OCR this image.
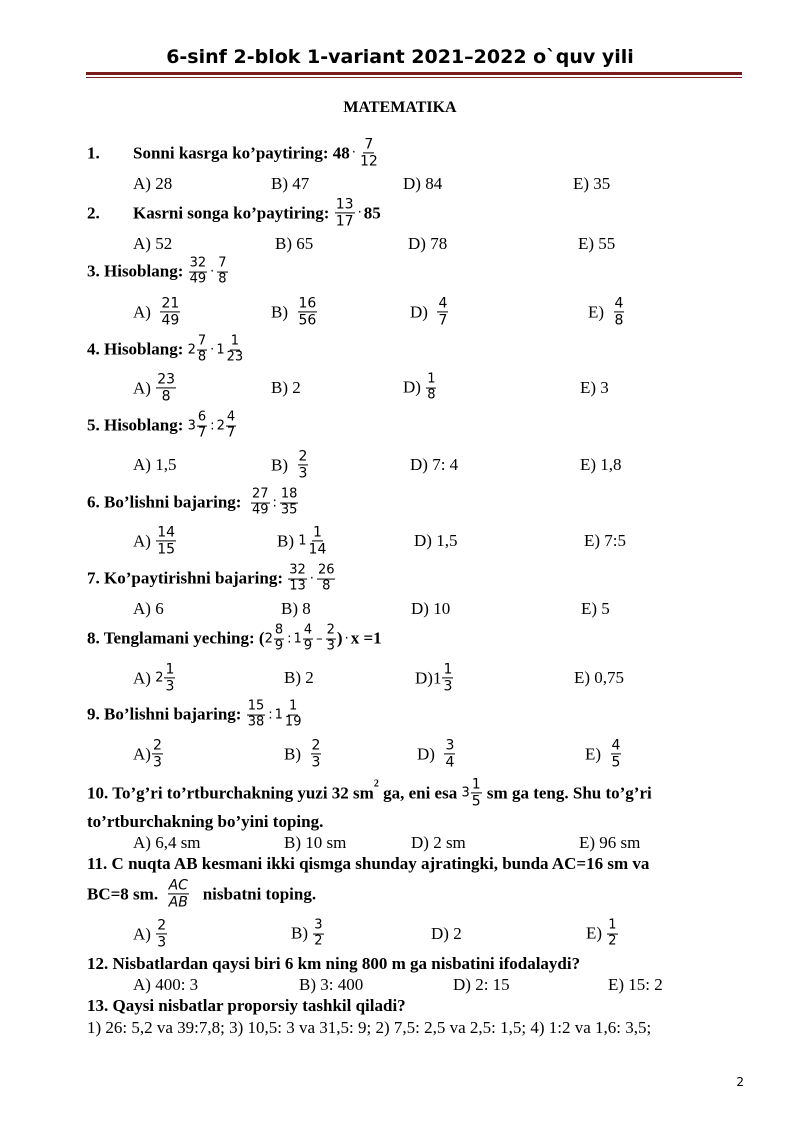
6-sinf 2-blok 1-variant 2021–2022 o`quv yili
MATEMATIKA
1.	Sonni kasrga ko’paytiring: $48 \cdot \frac{7}{12}$
A) 28	B) 47	D) 84	E) 35
2.	Kasrni songa ko’paytiring:
$\frac{13}{17} \cdot 85$
A) 52	B) 65	D) 78	E) 55
3. Hisoblang:
$\frac{32}{49} \cdot \frac{7}{8}$
A)
$\frac{21}{49}$	B)
$\frac{16}{56}$	D)
$\frac{4}{7}$	E)
$\frac{4}{8}$
4. Hisoblang:
$2 \frac{7}{8} \cdot 1 \frac{1}{23}$
A)
$\frac{23}{8}$	B) 2	D)
$\frac{1}{8}$	E) 3
5. Hisoblang:
$3 \frac{6}{7}$ : $2 \frac{4}{7}$
A) 1,5	B)
$\frac{2}{3}$	D) 7: 4	E) 1,8
6. Bo’lishni bajaring:
$\frac{27}{49}$ : $\frac{18}{35}$
A)
$\frac{14}{15}$	B)
$1 \frac{1}{14}$	D) 1,5	E) 7:5
7. Ko’paytirishni bajaring:
$\frac{32}{13} \cdot \frac{26}{8}$
A) 6	B) 8	D) 10	E) 5
8. Tenglamani yeching: ( $2 \frac{8}{9}$ : $1 \frac{4}{9} - \frac{2}{3}$ ) · x =1
A)
$2 \frac{1}{3}$	B) 2	$D)1 \frac{1}{3}$	E) 0,75
9. Bo’lishni bajaring:
$\frac{15}{38}$ : $1 \frac{1}{19}$
$A) \frac{2}{3}$	B)
$\frac{2}{3}$	D)
$\frac{3}{4}$	E)
$\frac{4}{5}$
10. To’g’ri to’rtburchakning yuzi 32 $sm^2$
ga, eni esa
$3 \frac{1}{5}$
sm ga teng. Shu to’g’ri
to’rtburchakning bo’yini toping.
A) 6,4 sm	B) 10 sm	D) 2 sm	E) 96 sm
11. C nuqta AB kesmani ikki qismga shunday ajratingki, bunda AC=16 sm va
BC=8 sm.
$\frac{AC}{AB}$
nisbatni toping.
A)
$\frac{2}{3}$	B)
$\frac{3}{2}$	D) 2	E)
$\frac{1}{2}$
12. Nisbatlardan qaysi biri 6 km ning 800 m ga nisbatini ifodalaydi?
A) 400: 3	B) 3: 400	D) 2: 15	E) 15: 2
13. Qaysi nisbatlar proporsiy tashkil qiladi?
1) 26: 5,2 va 39:7,8; 3) 10,5: 3 va 31,5: 9; 2) 7,5: 2,5 va 2,5: 1,5; 4) 1:2 va 1,6: 3,5;
2
